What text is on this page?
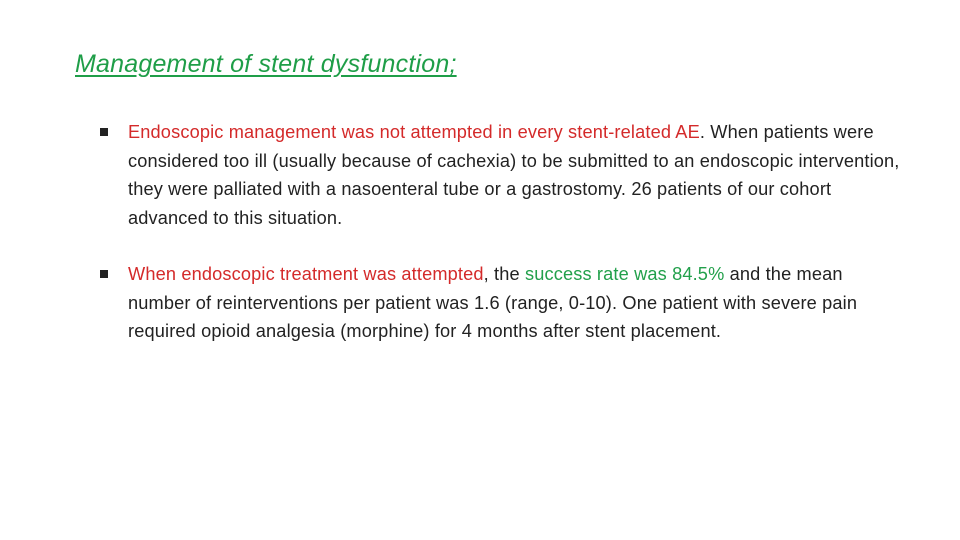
Management of stent dysfunction;
Endoscopic management was not attempted in every stent-related AE. When patients were considered too ill (usually because of cachexia) to be submitted to an endoscopic intervention, they were palliated with a nasoenteral tube or a gastrostomy. 26 patients of our cohort advanced to this situation.
When endoscopic treatment was attempted, the success rate was 84.5% and the mean number of reinterventions per patient was 1.6 (range, 0-10). One patient with severe pain required opioid analgesia (morphine) for 4 months after stent placement.
